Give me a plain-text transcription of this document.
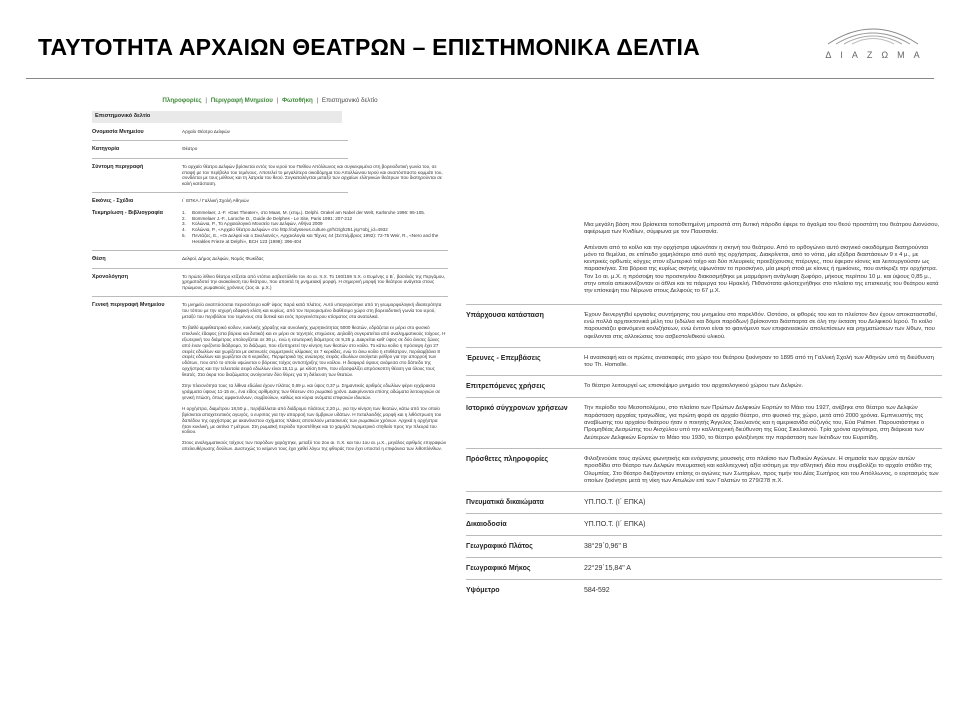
ΤΑΥΤΟΤΗΤΑ ΑΡΧΑΙΩΝ ΘΕΑΤΡΩΝ – ΕΠΙΣΤΗΜΟΝΙΚΑ ΔΕΛΤΙΑ	ΔΙΑΖΩΜΑ
Πληροφορίες | Περιγραφή Μνημείου | Φωτοθήκη | Επιστημονικό δελτίο
Επιστημονικό δελτίο
Ονομασία Μνημείου	Αρχαίο Θέατρο Δελφών
Κατηγορία	Θέατρο
Σύντομη περιγραφή	Το αρχαίο θέατρο Δελφών βρίσκεται εντός του ιερού του Πυθίου Απόλλωνος και συγκεκριμένα στη βορειοδυτική γωνία του, σε επαφή με τον περίβολο του τεμένους. Αποτελεί το μεγαλύτερο οικοδόμημα του Απολλώνιου Ιερού και αναπόσπαστο κομμάτι του, συνδέεται με τους μύθους και τη λατρεία του θεού. Συγκαταλέγεται μεταξύ των αρχαίων ελληνικών θεάτρων που διατηρούνται σε καλή κατάσταση.
Εικόνες - Σχέδια	Ι΄ ΕΠΚΑ / Γαλλική Σχολή Αθηνών
Τεκμηρίωση - Βιβλιογραφία	1.	Bommelaer, J.-F. «Das Theater», στο Maas, M. (επιμ.). Delphi. Orakel am Nabel der Welt, Karlsruhe 1996: 95-105.
2.	Bommelaer J.-F., Laroche D., Guide de Delphes - Le Site, Paris 1991: 207-212
3.	Κολώνια, Ρ., Το Αρχαιολογικό Μουσείο των Δελφών, Αθήνα 2009
4.	Κολώνια, Ρ., «Αρχαίο θέατρο Δελφών» στο http://odysseus.culture.gr/h/2/gh251.jsp?obj_id=4932
5.	Πεντάζος, Ε., «Οι Δελφοί και ο Σικελιανός», Αρχαιολογία και Τέχνες 44 (Σεπτέμβριος 1992): 72-75 Weir, R., «Nero and the Herakles Frieze at Delphi», BCH 123 (1999): 396-404
Θέση	Δελφοί, Δήμος Δελφών, Νομός Φωκίδας
Χρονολόγηση	Το πρώτο λίθινο θέατρο κτίζεται από ντόπιο ασβεστόλιθο τον 4ο αι. π.Χ. Το 160/159 π.Χ. ο Ευμένης ο Β΄, βασιλιάς της Περγάμου, χρηματοδοτεί την ανακαίνιση του θεάτρου, που αποκτά τη μνημειακή μορφή. Η σημερινή μορφή του θεάτρου ανάγεται στους πρώιμους ρωμαϊκούς χρόνους (1ος αι. μ.Χ.)
Γενική περιγραφή Μνημείου	Το μνημείο αναπτύσσεται περισσότερο καθ' ύψος παρά κατά πλάτος. Αυτό υπαγορεύτηκε από τη γεωμορφολογική ιδιαιτερότητα του τόπου με την ισχυρή εδαφική κλίση και κυρίως, από τον περιορισμένο διαθέσιμο χώρο στη βορειοδυτική γωνία του ιερού, μεταξύ του περιβόλου του τεμένους στα δυτικά και ενός προγενέστερου κτίσματος στα ανατολικά.

Το βαθύ αμφιθεατρικό κοίλον, κυκλικής χάραξης και συνολικής χωρητικότητας 5000 θεατών, εδράζεται εν μέρει στο φυσικό επικλινές έδαφος (στα βόρεια και δυτικά) και εν μέρει σε τεχνητές επιχώσεις. Δηλαδή συγκρατείται από αναλημματικούς τοίχους. Η εξωτερική του διάμετρος υπολογίζεται σε 36 μ., ενώ η εσωτερική διάμετρος σε 9,25 μ. Διαιρείται καθ' ύψος σε δύο άνισες ζώνες από έναν οριζόντιο διάδρομο, το διάζωμα, που εξυπηρετεί την κίνηση των θεατών στο κοίλο. Το κάτω κοίλο η πρόσοψη έχει 27 σειρές εδωλίων και χωρίζεται με ακτινωτές συμμετρικές κλίμακες σε 7 κερκίδες, ενώ το άνω κοίλο η επιθέατρον, περιλαμβάνει 8 σειρές εδωλίων και χωρίζεται σε 6 κερκίδες. Περιμετρικά της ανώτερης σειράς εδωλίων ανοίγεται ρείθρο για την απορροή των υδάτων, που από το οποίο υψώνεται ο βόρειος τοίχος αντιστήριξης του κοίλου. Η διαφορά ύψους ανάμεσα στο δάπεδο της ορχήστρας και την τελευταία σειρά εδωλίων είναι 15,11 μ. με κλίση 54%, που εξασφαλίζει απρόσκοπτη θέαση για όλους τους θεατές. Στα άκρα του διαζώματος ανοίγονταν δύο θύρες για τη διέλευση των θεατών.

Στην πλειονότητα τους τα λίθινα εδώλια έχουν πλάτος 0,69 μ. και ύψος 0,37 μ. Σημαντικός αριθμός εδωλίων φέρει εγχάρακτα γράμματα ύψους 11-15 εκ., ένα είδος αρίθμησης των θέσεων στο ρωμαϊκό χρόνο. Διακρίνονται επίσης αδώματα λειτουργιών σε γενική πτώση, όπως αμφικτυόνων, συμβούλων, καθώς και κύρια ονόματα επιφανών ιδιωτών.

Η ορχήστρα, διαμέτρου 18,50 μ., περιβάλλεται από διάδρομο πλάτους 2,20 μ., για την κίνηση των θεατών, κάτω από τον οποίο βρίσκεται αποχετευτικός αγωγός, ο ευριπος για την απορροή των όμβριων υδάτων. Η πεταλοειδής μορφή και η λιθόστρωση του δαπέδου της ορχήστρας με ακανόνιστου σχήματος πλάκες αποτελούν μετασκευές των ρωμαϊκών χρόνων. Αρχικά η ορχήστρα ήταν κυκλική, με ακτίνα 7 μέτρων. Στη ρωμαϊκή περίοδο προστέθηκε και το χαμηλό περιμετρικό στηθαίο προς την πλευρά του κοίλου.

Στους αναλημματικούς τοίχους των παρόδων χαράχτηκε, μεταξύ του 2ου αι. π.Χ. και του 1ου αι. μ.Χ., μεγάλος αριθμός επιγραφών απελευθέρωσης δούλων. Δυστυχώς το κείμενο τους έχει χαθεί λόγω της φθοράς που έχει υποστεί η επιφάνεια των λιθοπλίνθων.

Μια μεγάλη βάση που βρίσκεται τοποθετημένη μπροστά στη δυτική πάροδο έφερε το άγαλμα του θεού προστάτη του θεάτρου Διονύσου, αφιέρωμα των Κνιδίων, σύμφωνα με τον Παυσανία.

Απέναντι από το κοίλο και την ορχήστρα υψωνόταν η σκηνή του θεάτρου. Από το ορθογώνιο αυτό σκηνικό οικοδόμημα διατηρούνται μόνο τα θεμέλια, σε επίπεδο χαμηλότερο από αυτό της ορχήστρας. Διακρίνεται, από το νότια, μία εξέδρα διαστάσεων 9 x 4 μ., με κεντρικές ορθωτές κόγχες στον εξωτερικό τοίχο και δύο πλευρικές προεξέχουσες πτέρυγες, που έφεραν κίονες και λειτουργούσαν ως παρασκήνια. Στα βόρεια της κυρίως σκηνής υψωνόταν το προσκήνιο, μία μικρή στοά με κίονες ή ημικίονες, που αντίκριζε την ορχήστρα. Τον 1ο αι. μ.Χ. η πρόσοψη του προσκηνίου διακοσμήθηκε με μαρμάρινη ανάγλυφη ζωφόρο, μήκους περίπου 10 μ. και ύψους 0,85 μ., στην οποία απεικονίζονταν οι άθλοι και τα πάρεργα του Ηρακλή. Πιθανότατα φιλοτεχνήθηκε στο πλαίσιο της επισκευής του θεάτρου κατά την επίσκεψη του Νέρωνα στους Δελφούς το 67 μ.Χ.

Υπάρχουσα κατάσταση	Έχουν διενεργηθεί εργασίες συντήρησης του μνημείου στο παρελθόν. Ωστόσο, οι φθορές του και το πλείστον δεν έχουν αποκατασταθεί, ενώ πολλά αρχιτεκτονικά μέλη του (εδώλια και δόμοι παρόδων) βρίσκονται διάσπαρτα σε όλη την έκταση του Δελφικού Ιερού. Το κοίλο παρουσιάζει φαινόμενα κοιλιζήσεων, ενώ έντονο είναι το φαινόμενο των επιφανειακών απολεπίσεων και ρηγματώσεων των λίθων, που οφείλονται στις αλλοιώσεις του ασβεστολιθικού υλικού.
Έρευνες - Επεμβάσεις	Η ανασκαφή και οι πρώτες ανασκαφές στο χώρο του θεάτρου ξεκίνησαν το 1895 από τη Γαλλική Σχολή των Αθηνών υπό τη διεύθυνση του Th. Homolle.
Επιτρεπόμενες χρήσεις	Το θέατρο λειτουργεί ως επισκέψιμο μνημείο του αρχαιολογικού χώρου των Δελφών.
Ιστορικό σύγχρονων χρήσεων	Την περίοδο του Μεσοπολέμου, στο πλαίσιο των Πρώτων Δελφικών Εορτών το Μάιο του 1927, ανέβηκε στο θέατρο των Δελφών παράσταση αρχαίας τραγωδίας, για πρώτη φορά σε αρχαίο θέατρο, στο φυσικό της χώρο, μετά από 2000 χρόνια. Εμπνευστής της αναβίωσης του αρχαίου θεάτρου ήταν ο ποιητής Άγγελος Σικελιανός και η αμερικανίδα σύζυγός του, Εύα Palmer. Παρουσιάστηκε ο Προμηθέας Δεσμώτης του Αισχύλου υπό την καλλιτεχνική διεύθυνση της Εύας Σικελιανού. Τρία χρόνια αργότερα, στη διάρκεια των Δεύτερων Δελφικών Εορτών το Μάιο του 1930, το θέατρο φιλοξένησε την παράσταση των Ικέτιδων του Ευριπίδη.
Πρόσθετες πληροφορίες	Φιλοξενούσε τους αγώνες φωνητικής και ενόργανης μουσικής στο πλαίσιο των Πυθικών Αγώνων. Η σημασία των αρχών αυτών προσδίδει στο θέατρο των Δελφών πνευματική και καλλιτεχνική αξία ισότιμη με την αθλητική ιδέα που συμβολίζει το αρχαίο στάδιο της Ολυμπίας. Στο θέατρο διεξάγονταν επίσης οι αγώνες των Σωτηρίων, προς τιμήν του Δίας Σωτήρος και του Απόλλωνος, ο εορτασμός των οποίων ξεκίνησε μετά τη νίκη των Αιτωλών επί των Γαλατών το 279/278 π.Χ.
Πνευματικά δικαιώματα	ΥΠ.ΠΟ.Τ. (Ι΄ ΕΠΚΑ)
Δικαιοδοσία	ΥΠ.ΠΟ.Τ. (Ι΄ ΕΠΚΑ)
Γεωγραφικό Πλάτος	38°29΄0,96" Β
Γεωγραφικό Μήκος	22°29΄15,84" Α
Υψόμετρο	584-592
